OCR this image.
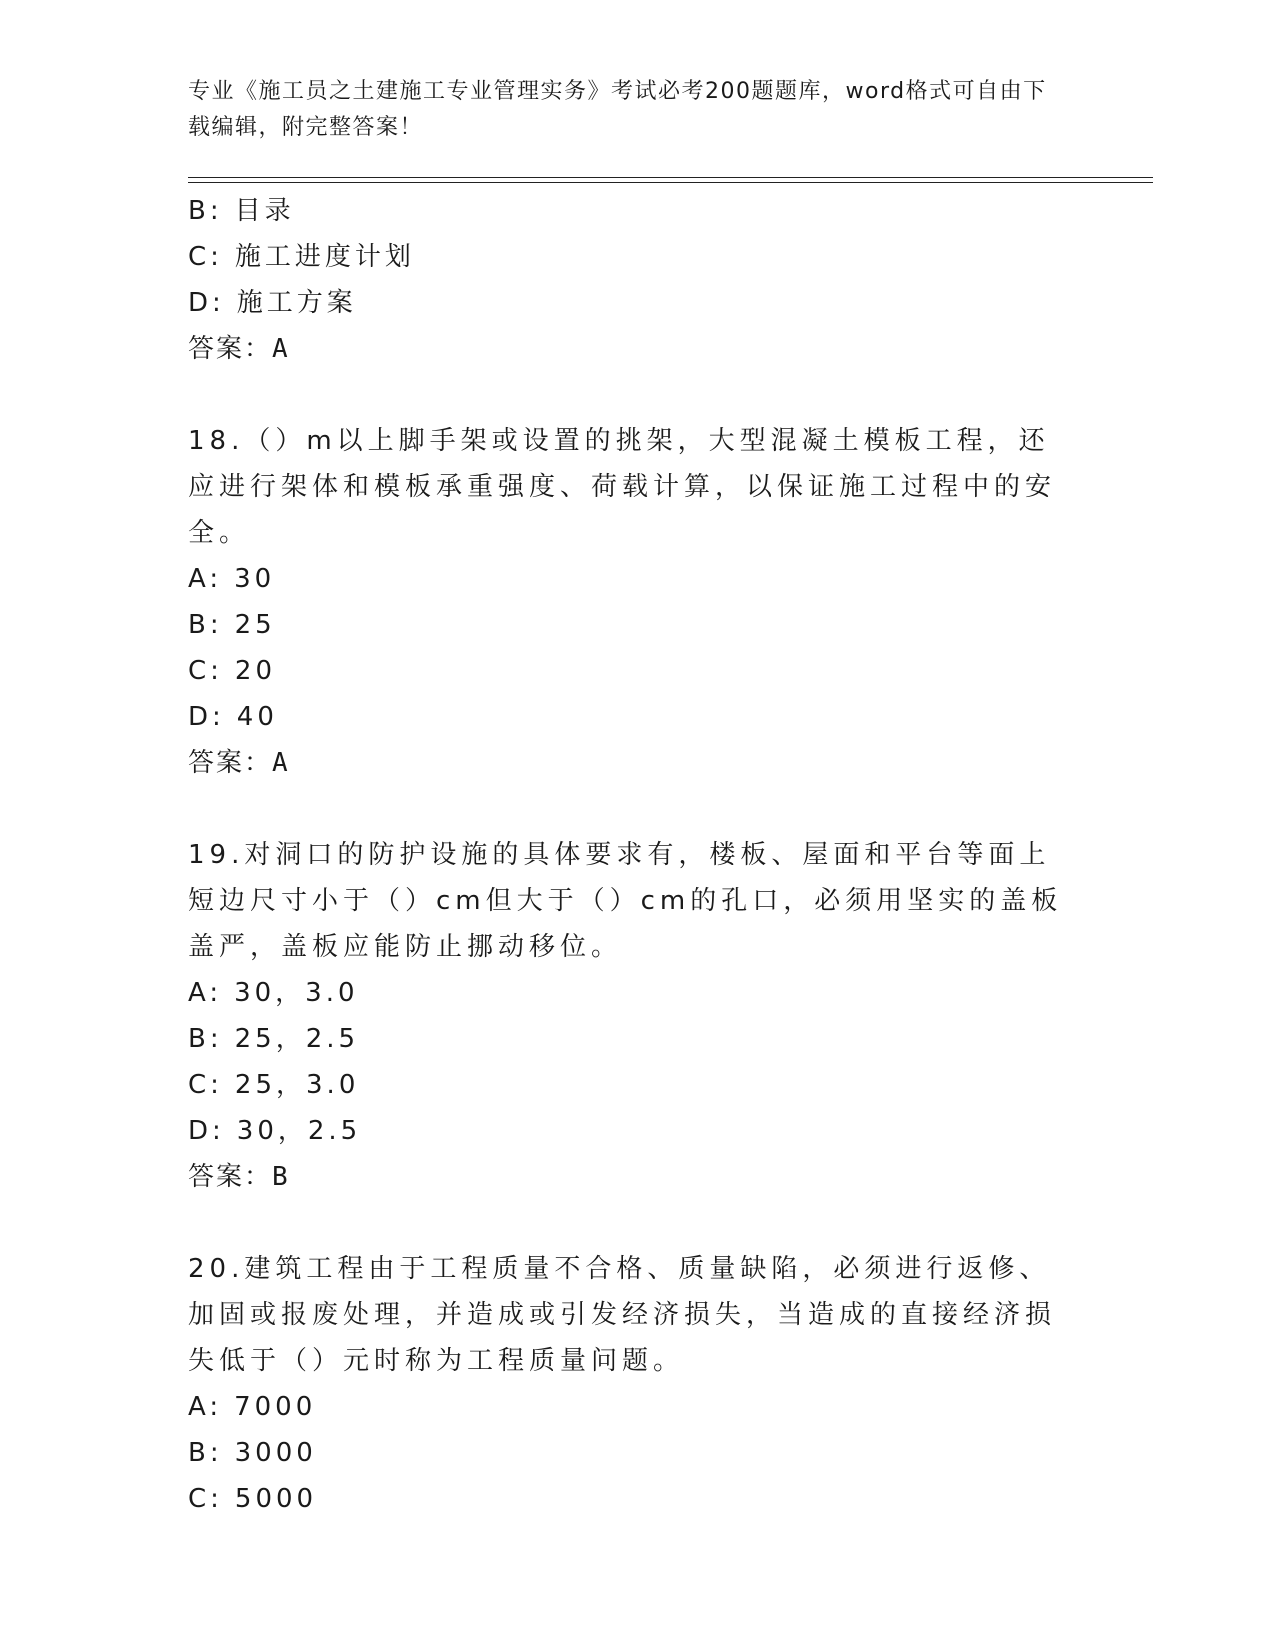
专业《施工员之土建施工专业管理实务》考试必考200题题库，word格式可自由下载编辑，附完整答案！
B: 目录
C: 施工进度计划
D: 施工方案
答案：A
18.（）m以上脚手架或设置的挑架，大型混凝土模板工程，还应进行架体和模板承重强度、荷载计算，以保证施工过程中的安全。
A: 30
B: 25
C: 20
D: 40
答案：A
19.对洞口的防护设施的具体要求有，楼板、屋面和平台等面上短边尺寸小于（）cm但大于（）cm的孔口，必须用坚实的盖板盖严，盖板应能防止挪动移位。
A: 30，3.0
B: 25，2.5
C: 25，3.0
D: 30，2.5
答案：B
20.建筑工程由于工程质量不合格、质量缺陷，必须进行返修、加固或报废处理，并造成或引发经济损失，当造成的直接经济损失低于（）元时称为工程质量问题。
A: 7000
B: 3000
C: 5000
